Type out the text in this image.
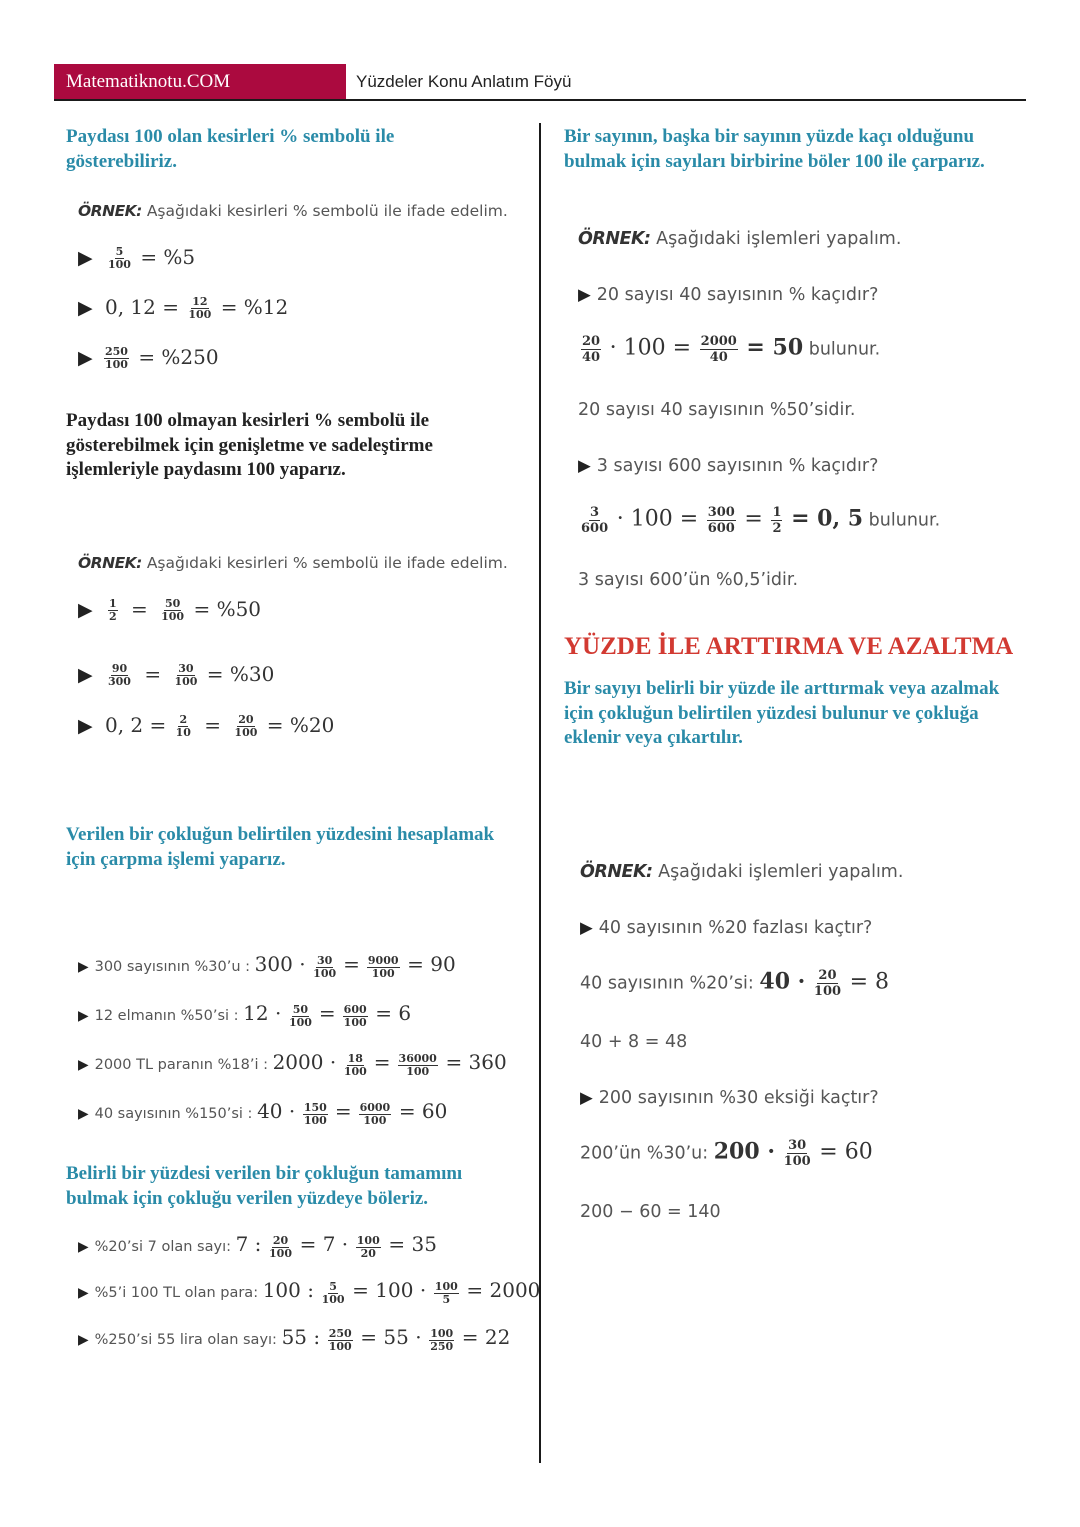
Matematiknotu.COM	Yüzdeler Konu Anlatım Föyü
Paydası 100 olan kesirleri % sembolü ile gösterebiliriz.
ÖRNEK: Aşağıdaki kesirleri % sembolü ile ifade edelim.
▶ $\frac{5}{100} = \%5$
▶ 0, $12 = \frac{12}{100} = \%12$
▶ $\frac{250}{100} = \%250$
Paydası 100 olmayan kesirleri % sembolü ile gösterebilmek için genişletme ve sadeleştirme işlemleriyle paydasını 100 yaparız.
ÖRNEK: Aşağıdaki kesirleri % sembolü ile ifade edelim.
▶ $\frac{1}{2} = \frac{50}{100} = \%50$
▶ $\frac{90}{300} = \frac{30}{100} = \%30$
▶ 0, $2 = \frac{2}{10} = \frac{20}{100} = \%20$
Verilen bir çokluğun belirtilen yüzdesini hesaplamak için çarpma işlemi yaparız.
▶ 300 sayısının %30’u : $300 \cdot \frac{30}{100} = \frac{9000}{100} = 90$
▶ 12 elmanın %50’si : $12 \cdot \frac{50}{100} = \frac{600}{100} = 6$
▶ 2000 TL paranın %18’i : $2000 \cdot \frac{18}{100} = \frac{36000}{100} = 360$
▶ 40 sayısının %150’si : $40 \cdot \frac{150}{100} = \frac{6000}{100} = 60$
Belirli bir yüzdesi verilen bir çokluğun tamamını bulmak için çokluğu verilen yüzdeye böleriz.
▶ %20’si 7 olan sayı: 7 : $\frac{20}{100} = 7 \cdot \frac{100}{20} = 35$
▶ %5’i 100 TL olan para: 100 : $\frac{5}{100} = 100 \cdot \frac{100}{5} = 2000$
▶ %250’si 55 lira olan sayı: 55 : $\frac{250}{100} = 55 \cdot \frac{100}{250} = 22$
Bir sayının, başka bir sayının yüzde kaçı olduğunu bulmak için sayıları birbirine böler 100 ile çarparız.
ÖRNEK: Aşağıdaki işlemleri yapalım.
▶ 20 sayısı 40 sayısının % kaçıdır?
$\frac{20}{40} \cdot 100 = \frac{2000}{40} = 50$ bulunur.
20 sayısı 40 sayısının %50’sidir.
▶ 3 sayısı 600 sayısının % kaçıdır?
$\frac{3}{600} \cdot 100 = \frac{300}{600} = \frac{1}{2} = 0$, 5 bulunur.
3 sayısı 600’ün %0,5’idir.
YÜZDE İLE ARTTIRMA VE AZALTMA
Bir sayıyı belirli bir yüzde ile arttırmak veya azalmak için çokluğun belirtilen yüzdesi bulunur ve çokluğa eklenir veya çıkartılır.
ÖRNEK: Aşağıdaki işlemleri yapalım.
▶ 40 sayısının %20 fazlası kaçtır?
40 sayısının %20’si: $40 \cdot \frac{20}{100} = 8$
40 + 8 = 48
▶ 200 sayısının %30 eksiği kaçtır?
200’ün %30’u: $200 \cdot \frac{30}{100} = 60$
200 − 60 = 140
